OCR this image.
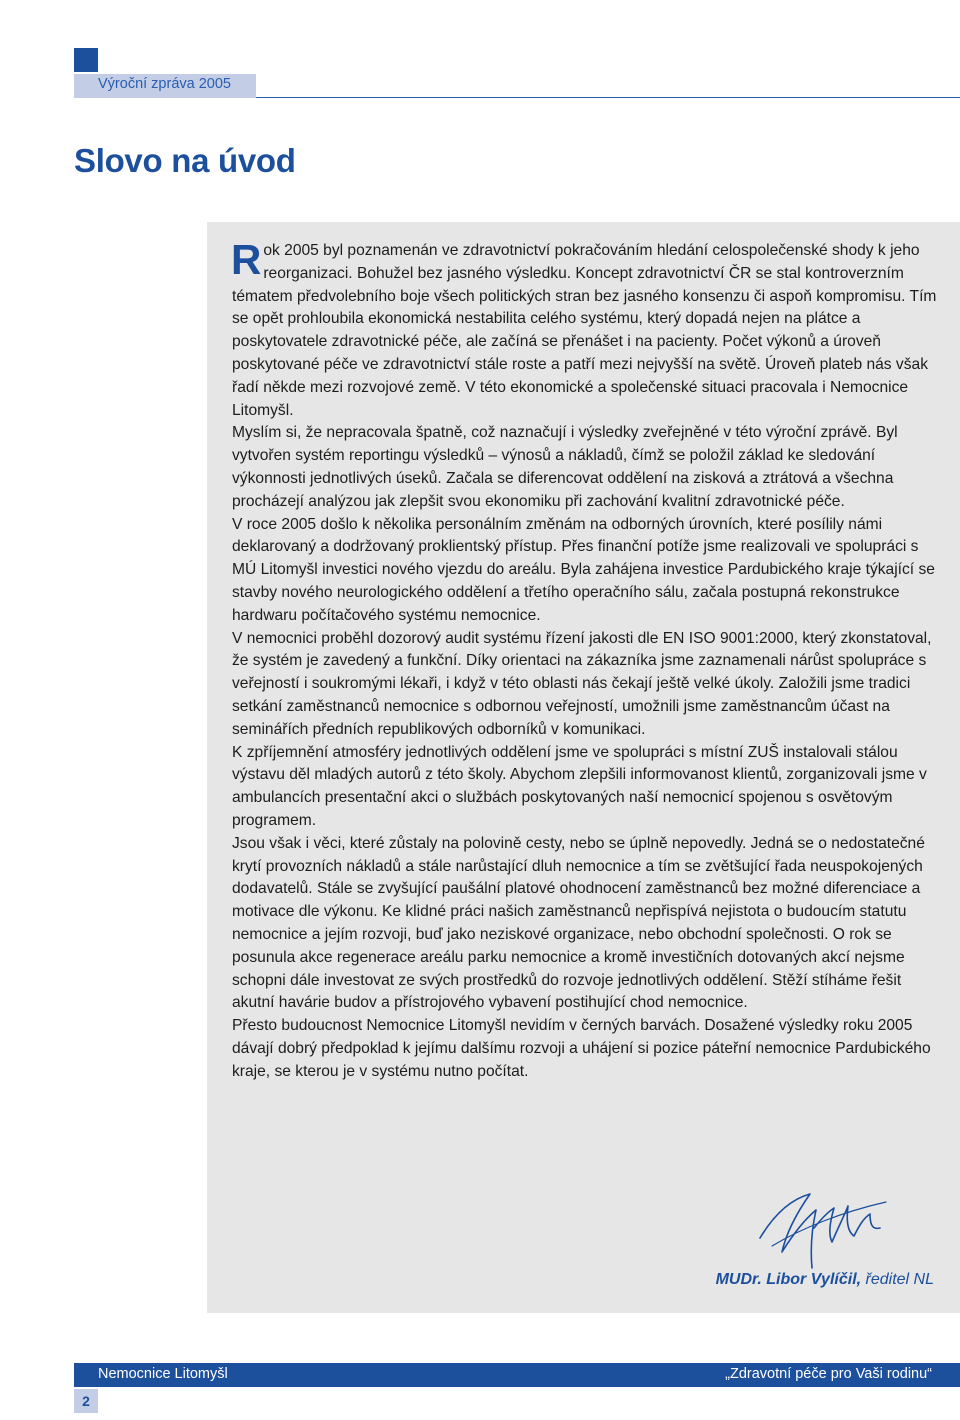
Výroční zpráva 2005
Slovo na úvod

Rok 2005 byl poznamenán ve zdravotnictví pokračováním hledání celospolečenské shody k jeho reorganizaci. Bohužel bez jasného výsledku. Koncept zdravotnictví ČR se stal kontroverzním tématem předvolebního boje všech politických stran bez jasného konsenzu či aspoň kompromisu. Tím se opět prohloubila ekonomická nestabilita celého systému, který dopadá nejen na plátce a poskytovatele zdravotnické péče, ale začíná se přenášet i na pacienty. Počet výkonů a úroveň poskytované péče ve zdravotnictví stále roste a patří mezi nejvyšší na světě. Úroveň plateb nás však řadí někde mezi rozvojové země. V této ekonomické a společenské situaci pracovala i Nemocnice Litomyšl.

Myslím si, že nepracovala špatně, což naznačují i výsledky zveřejněné v této výroční zprávě. Byl vytvořen systém reportingu výsledků – výnosů a nákladů, čímž se položil základ ke sledování výkonnosti jednotlivých úseků. Začala se diferencovat oddělení na zisková a ztrátová a všechna procházejí analýzou jak zlepšit svou ekonomiku při zachování kvalitní zdravotnické péče.

V roce 2005 došlo k několika personálním změnám na odborných úrovních, které posílily námi deklarovaný a dodržovaný proklientský přístup. Přes finanční potíže jsme realizovali ve spolupráci s MÚ Litomyšl investici nového vjezdu do areálu. Byla zahájena investice Pardubického kraje týkající se stavby nového neurologického oddělení a třetího operačního sálu, začala postupná rekonstrukce hardwaru počítačového systému nemocnice.

V nemocnici proběhl dozorový audit systému řízení jakosti dle EN ISO 9001:2000, který zkonstatoval, že systém je zavedený a funkční. Díky orientaci na zákazníka jsme zaznamenali nárůst spolupráce s veřejností i soukromými lékaři, i když v této oblasti nás čekají ještě velké úkoly. Založili jsme tradici setkání zaměstnanců nemocnice s odbornou veřejností, umožnili jsme zaměstnancům účast na seminářích předních republikových odborníků v komunikaci.

K zpříjemnění atmosféry jednotlivých oddělení jsme ve spolupráci s místní ZUŠ instalovali stálou výstavu děl mladých autorů z této školy. Abychom zlepšili informovanost klientů, zorganizovali jsme v ambulancích presentační akci o službách poskytovaných naší nemocnicí spojenou s osvětovým programem.

Jsou však i věci, které zůstaly na polovině cesty, nebo se úplně nepovedly. Jedná se o nedostatečné krytí provozních nákladů a stále narůstající dluh nemocnice a tím se zvětšující řada neuspokojených dodavatelů. Stále se zvyšující paušální platové ohodnocení zaměstnanců bez možné diferenciace a motivace dle výkonu. Ke klidné práci našich zaměstnanců nepřispívá nejistota o budoucím statutu nemocnice a jejím rozvoji, buď jako neziskové organizace, nebo obchodní společnosti. O rok se posunula akce regenerace areálu parku nemocnice a kromě investičních dotovaných akcí nejsme schopni dále investovat ze svých prostředků do rozvoje jednotlivých oddělení. Stěží stíháme řešit akutní havárie budov a přístrojového vybavení postihující chod nemocnice.

Přesto budoucnost Nemocnice Litomyšl nevidím v černých barvách. Dosažené výsledky roku 2005 dávají dobrý předpoklad k jejímu dalšímu rozvoji a uhájení si pozice páteřní nemocnice Pardubického kraje, se kterou je v systému nutno počítat.

MUDr. Libor Vylíčil, ředitel NL
Nemocnice Litomyšl	„Zdravotní péče pro Vaši rodinu“
2
